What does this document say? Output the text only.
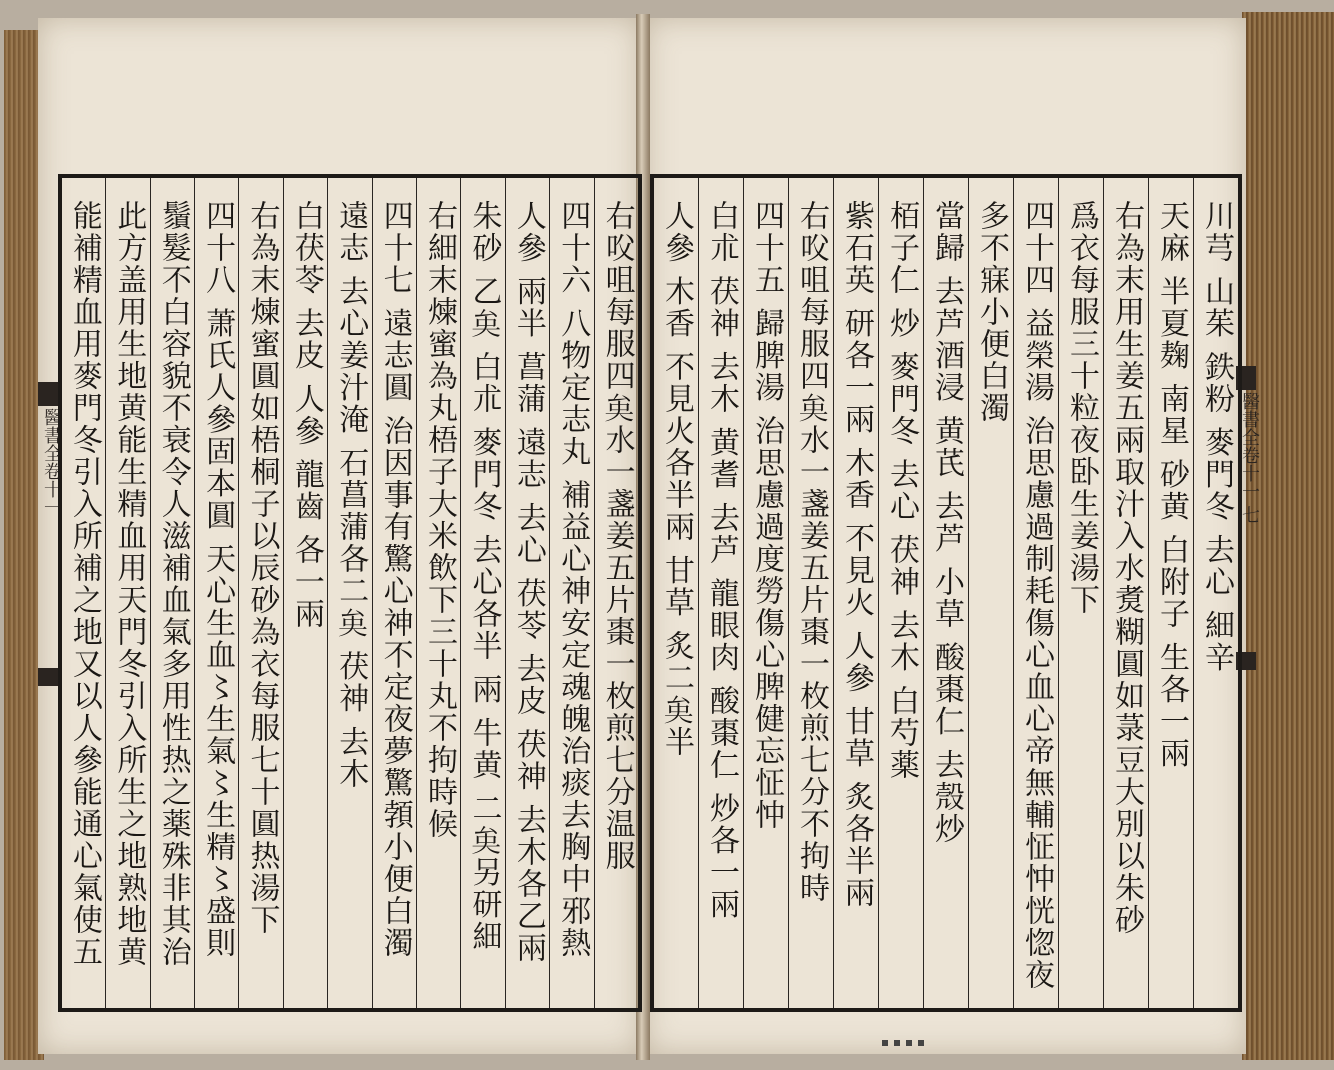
醫書全卷十一	醫書全卷十一 七
右㕮咀每服四𠫪水一盞姜五片棗一枚煎七分温服
四十六 八物定志丸 補益心神安定魂魄治痰去胸中邪熱
人參 兩半 菖蒲 遠志 去心 茯苓 去皮 茯神 去木各乙兩
朱砂 乙𠫪 白朮 麥門冬 去心各半 兩 牛黄 二𠫪另研細
右細末煉蜜為丸梧子大米飲下三十丸不拘時候
四十七 遠志圓 治因事有驚心神不定夜夢驚𩓐小便白濁
遠志 去心姜汁淹 石菖蒲各二𠫪 茯神 去木
白茯苓 去皮 人參 龍齒 各一兩
右為末煉蜜圓如梧桐子以辰砂為衣每服七十圓热湯下
四十八 萧氏人參固本圓 天心生血〻生氣〻生精〻盛則
鬚髮不白容貌不衰令人滋補血氣多用性热之薬殊非其治
此方盖用生地黄能生精血用天門冬引入所生之地熟地黄
能補精血用麥門冬引入所補之地又以人參能通心氣使五	川芎 山茱 鉄粉 麥門冬 去心 細辛
天麻 半夏麹 南星 砂黄 白附子 生各一兩
右為末用生姜五兩取汁入水煑糊圓如菉豆大別以朱砂
爲衣每服三十粒夜卧生姜湯下
四十四 益榮湯 治思慮過制耗傷心血心帝無輔怔忡恍惚夜
多不寐小便白濁
當歸 去芦酒浸 黄芪 去芦 小草 酸棗仁 去殼炒
栢子仁 炒 麥門冬 去心 茯神 去木 白芍薬
紫石英 研各一兩 木香 不見火 人參 甘草 炙各半兩
右㕮咀每服四𠫪水一盞姜五片棗一枚煎七分不拘時
四十五 歸脾湯 治思慮過度勞傷心脾健忘怔忡
白朮 茯神 去木 黄耆 去芦 龍眼肉 酸棗仁 炒各一兩
人參 木香 不見火各半兩 甘草 炙二𠫪半
